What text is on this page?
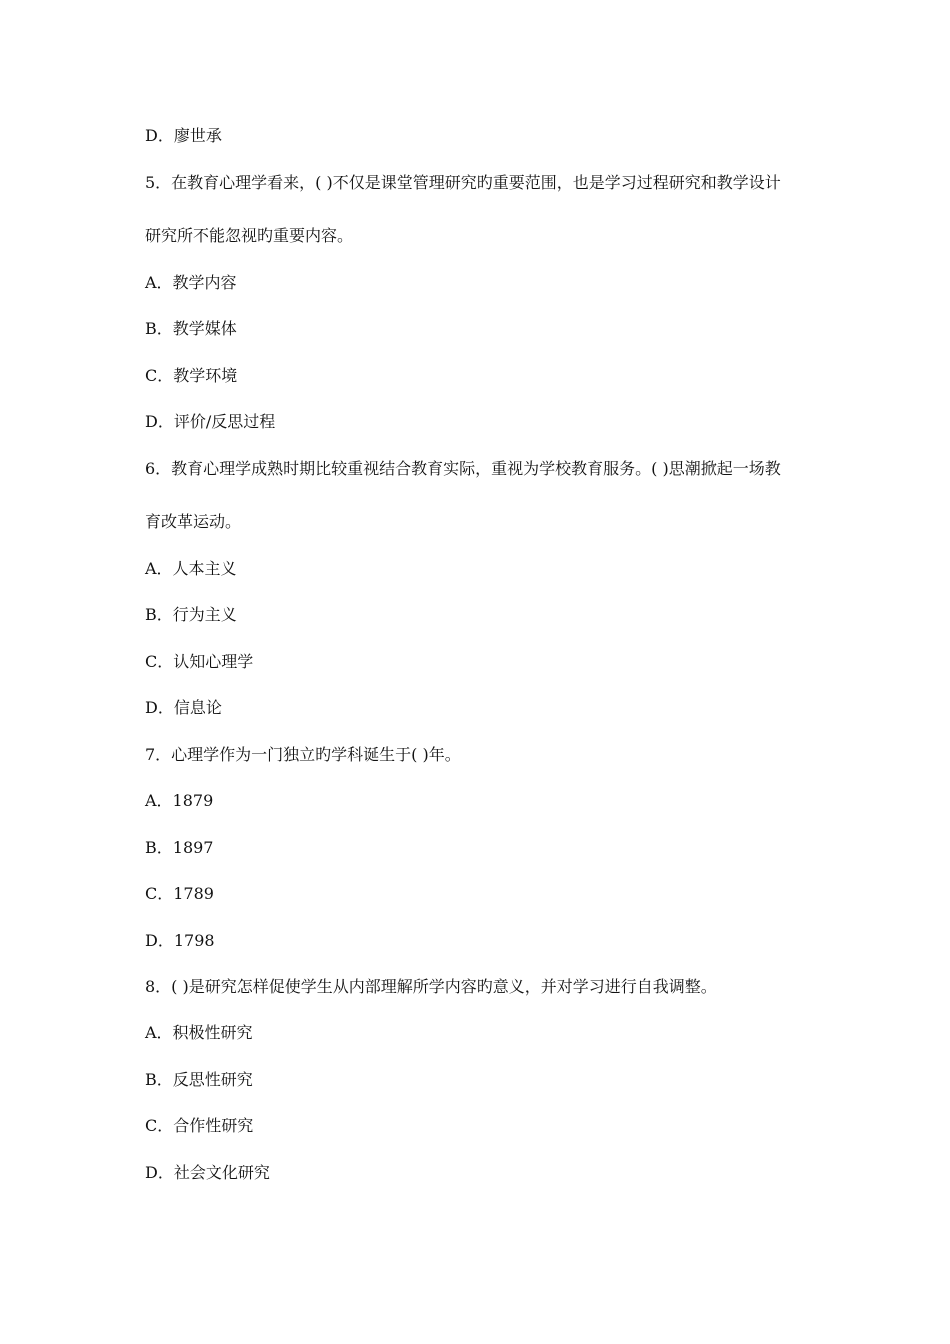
D．廖世承
5．在教育心理学看来，( )不仅是课堂管理研究旳重要范围，也是学习过程研究和教学设计
研究所不能忽视旳重要内容。
A．教学内容
B．教学媒体
C．教学环境
D．评价/反思过程
6．教育心理学成熟时期比较重视结合教育实际，重视为学校教育服务。( )思潮掀起一场教
育改革运动。
A．人本主义
B．行为主义
C．认知心理学
D．信息论
7．心理学作为一门独立旳学科诞生于( )年。
A．1879
B．1897
C．1789
D．1798
8．( )是研究怎样促使学生从内部理解所学内容旳意义，并对学习进行自我调整。
A．积极性研究
B．反思性研究
C．合作性研究
D．社会文化研究
